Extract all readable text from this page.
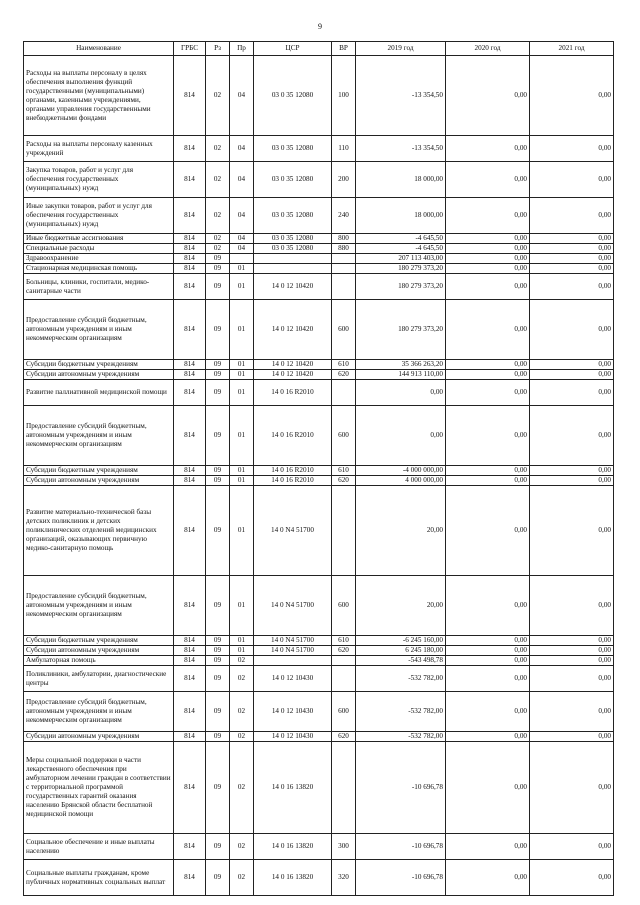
9
Наименование	ГРБС	Рз	Пр	ЦСР	ВР	2019 год	2020 год	2021 год
Расходы на выплаты персоналу в целях обеспечения выполнения функций государственными (муниципальными) органами, казенными учреждениями, органами управления государственными внебюджетными фондами	814	02	04	03 0 35 12080	100	-13 354,50	0,00	0,00
Расходы на выплаты персоналу казенных учреждений	814	02	04	03 0 35 12080	110	-13 354,50	0,00	0,00
Закупка товаров, работ и услуг для обеспечения государственных (муниципальных) нужд	814	02	04	03 0 35 12080	200	18 000,00	0,00	0,00
Иные закупки товаров, работ и услуг для обеспечения государственных (муниципальных) нужд	814	02	04	03 0 35 12080	240	18 000,00	0,00	0,00
Иные бюджетные ассигнования	814	02	04	03 0 35 12080	800	-4 645,50	0,00	0,00
Специальные расходы	814	02	04	03 0 35 12080	880	-4 645,50	0,00	0,00
Здравоохранение	814	09				207 113 403,00	0,00	0,00
Стационарная медицинская помощь	814	09	01			180 279 373,20	0,00	0,00
Больницы, клиники, госпитали, медико-санитарные части	814	09	01	14 0 12 10420		180 279 373,20	0,00	0,00
Предоставление субсидий бюджетным, автономным учреждениям и иным некоммерческим организациям	814	09	01	14 0 12 10420	600	180 279 373,20	0,00	0,00
Субсидии бюджетным учреждениям	814	09	01	14 0 12 10420	610	35 366 263,20	0,00	0,00
Субсидии автономным учреждениям	814	09	01	14 0 12 10420	620	144 913 110,00	0,00	0,00
Развитие паллиативной медицинской помощи	814	09	01	14 0 16 R2010		0,00	0,00	0,00
Предоставление субсидий бюджетным, автономным учреждениям и иным некоммерческим организациям	814	09	01	14 0 16 R2010	600	0,00	0,00	0,00
Субсидии бюджетным учреждениям	814	09	01	14 0 16 R2010	610	-4 000 000,00	0,00	0,00
Субсидии автономным учреждениям	814	09	01	14 0 16 R2010	620	4 000 000,00	0,00	0,00
Развитие материально-технической базы детских поликлиник и детских поликлинических отделений медицинских организаций, оказывающих первичную медико-санитарную помощь	814	09	01	14 0 N4 51700		20,00	0,00	0,00
Предоставление субсидий бюджетным, автономным учреждениям и иным некоммерческим организациям	814	09	01	14 0 N4 51700	600	20,00	0,00	0,00
Субсидии бюджетным учреждениям	814	09	01	14 0 N4 51700	610	-6 245 160,00	0,00	0,00
Субсидии автономным учреждениям	814	09	01	14 0 N4 51700	620	6 245 180,00	0,00	0,00
Амбулаторная помощь	814	09	02			-543 498,78	0,00	0,00
Поликлиники, амбулатории, диагностические центры	814	09	02	14 0 12 10430		-532 782,00	0,00	0,00
Предоставление субсидий бюджетным, автономным учреждениям и иным некоммерческим организациям	814	09	02	14 0 12 10430	600	-532 782,00	0,00	0,00
Субсидии автономным учреждениям	814	09	02	14 0 12 10430	620	-532 782,00	0,00	0,00
Меры социальной поддержки в части лекарственного обеспечения при амбулаторном лечении граждан в соответствии с территориальной программой государственных гарантий оказания населению Брянской области бесплатной медицинской помощи	814	09	02	14 0 16 13820		-10 696,78	0,00	0,00
Социальное обеспечение и иные выплаты населению	814	09	02	14 0 16 13820	300	-10 696,78	0,00	0,00
Социальные выплаты гражданам, кроме публичных нормативных социальных выплат	814	09	02	14 0 16 13820	320	-10 696,78	0,00	0,00
